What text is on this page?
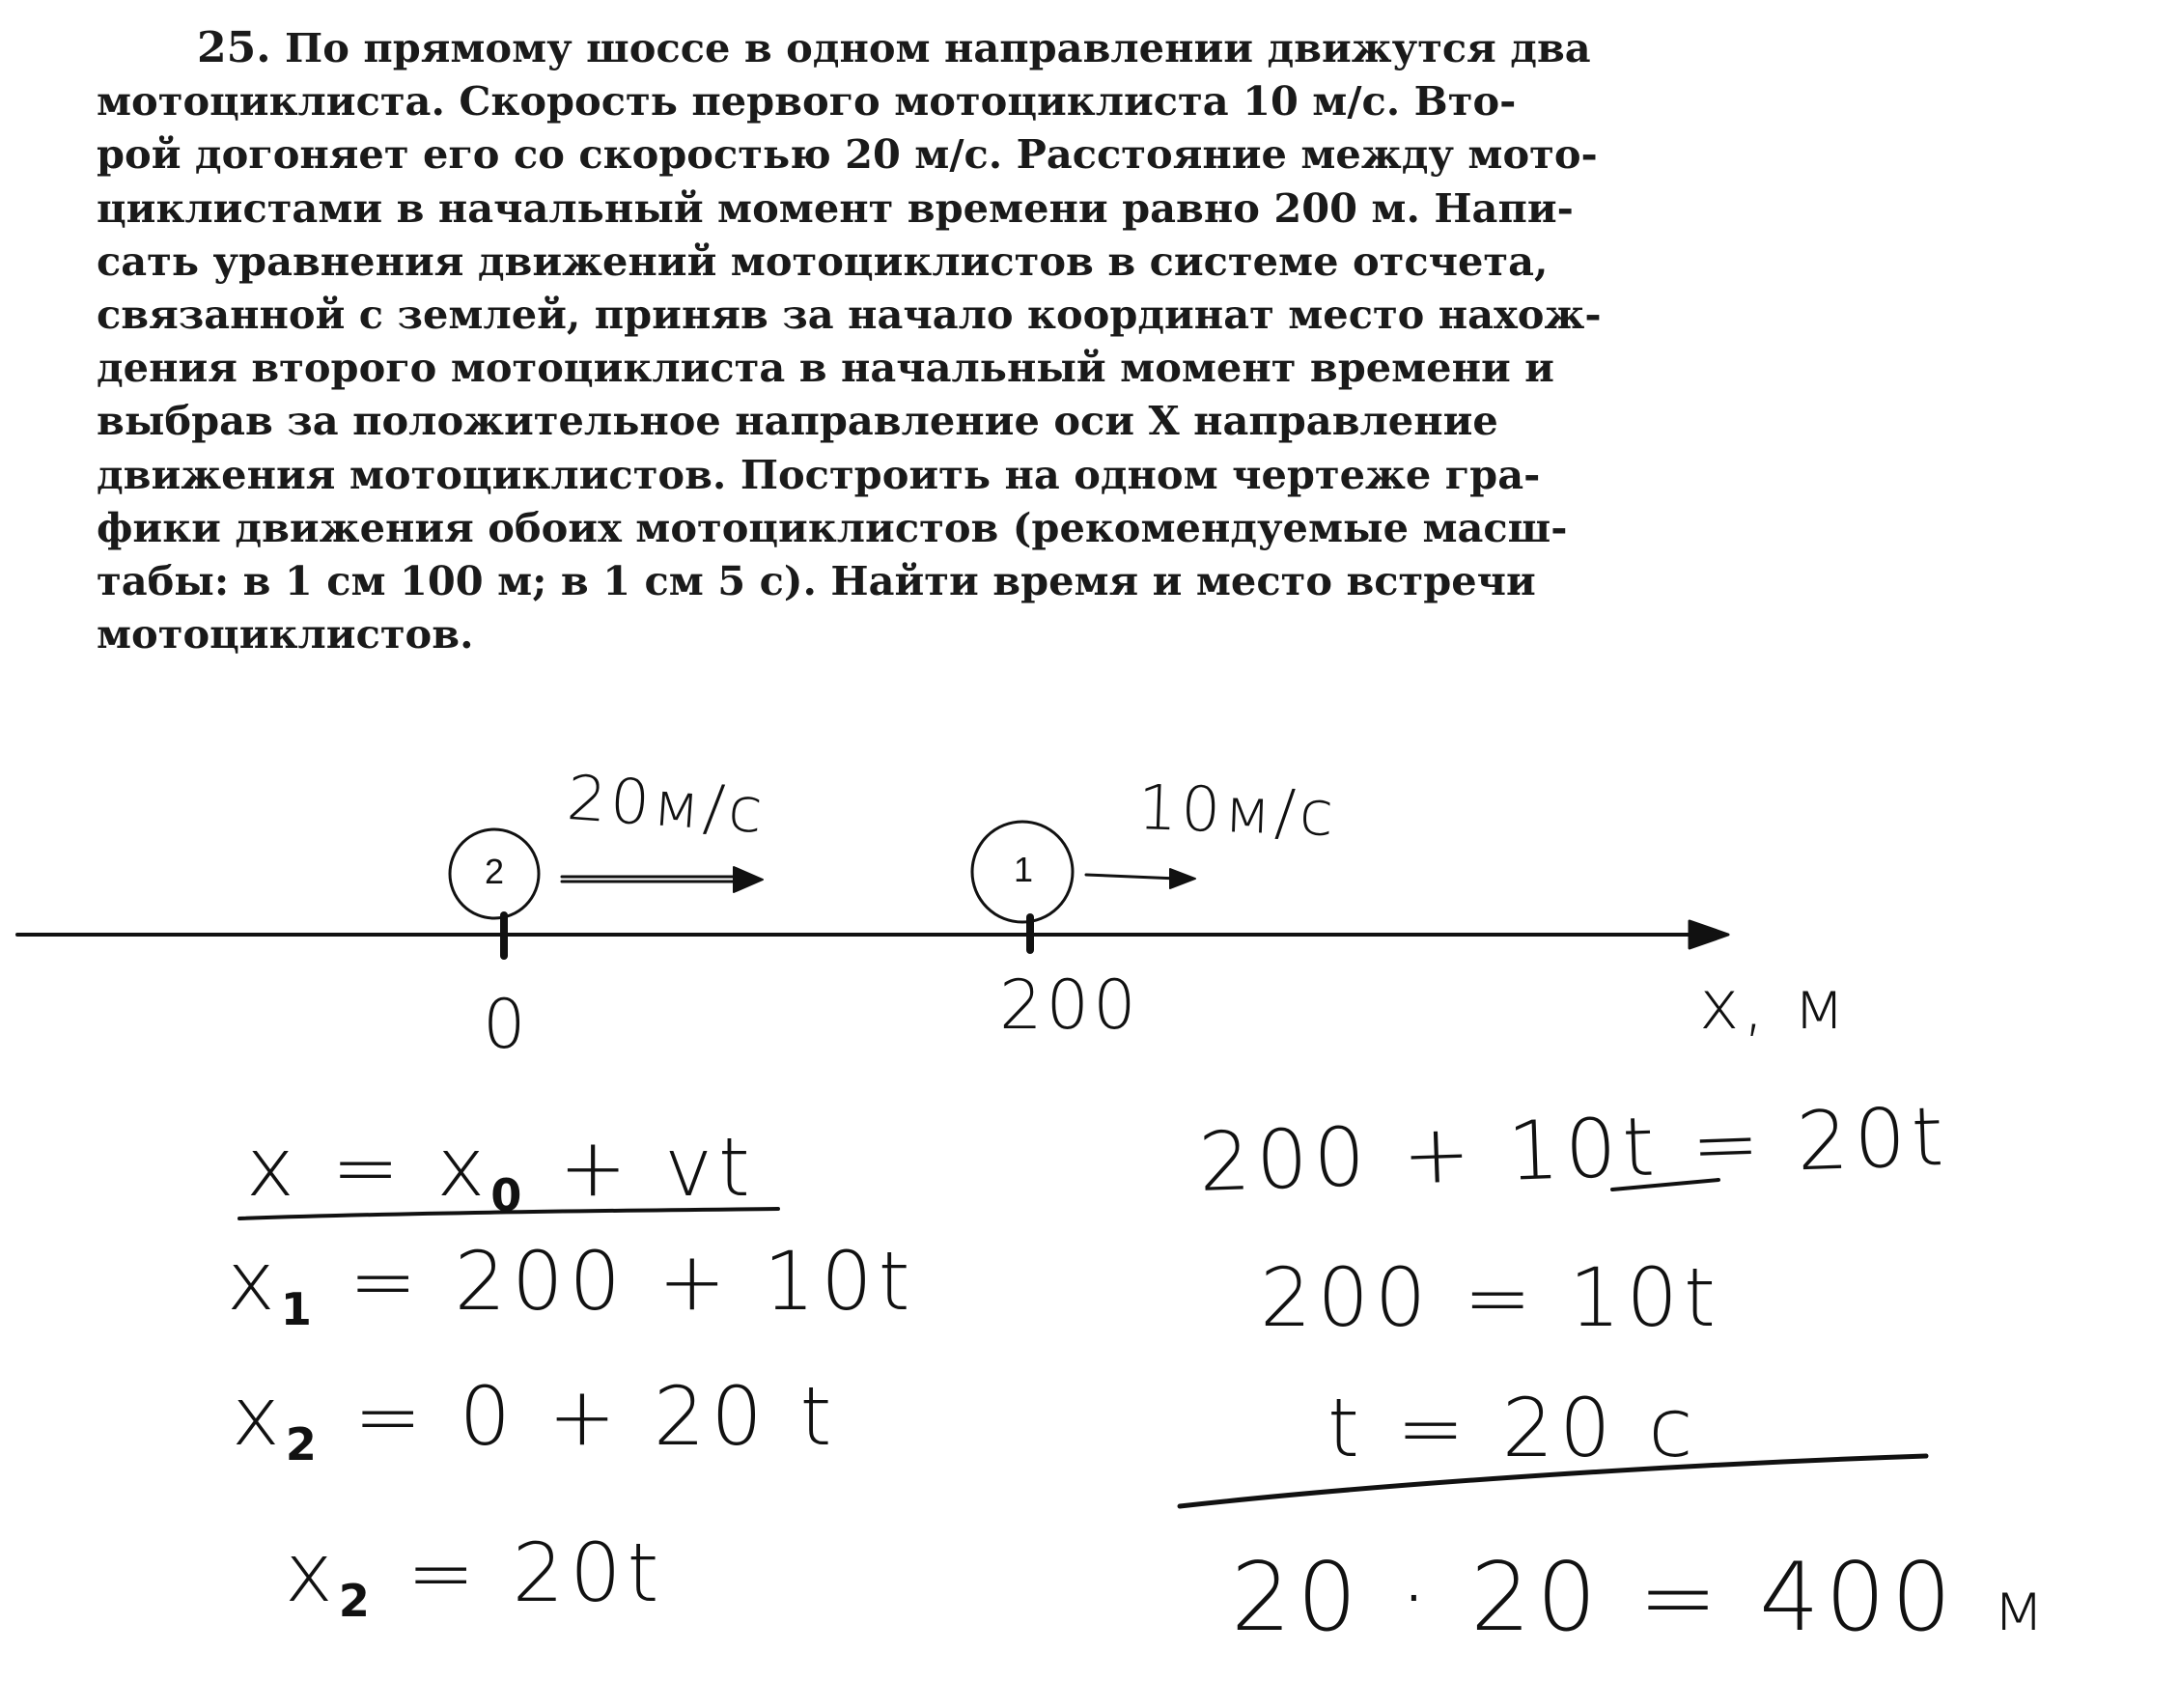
25. По прямому шоссе в одном направлении движутся два
мотоциклиста. Скорость первого мотоциклиста 10 м/с. Вто-
рой догоняет его со скоростью 20 м/с. Расстояние между мото-
циклистами в начальный момент времени равно 200 м. Напи-
сать уравнения движений мотоциклистов в системе отсчета,
связанной с землей, приняв за начало координат место нахож-
дения второго мотоциклиста в начальный момент времени и
выбрав за положительное направление оси X направление
движения мотоциклистов. Построить на одном чертеже гра-
фики движения обоих мотоциклистов (рекомендуемые масш-
табы: в 1 см 100 м; в 1 см 5 с). Найти время и место встречи
мотоциклистов.
2	1
20м/с	10м/с
0	200	x, м
$x = x_0$ + vt
$x_1 = 200 + 10t$
$x_2 = 0 + 20$ t
$x_2 = 20t$
200 + 10t = 20t
200 = 10t
t = 20 с
20 · 20 = 400 м
